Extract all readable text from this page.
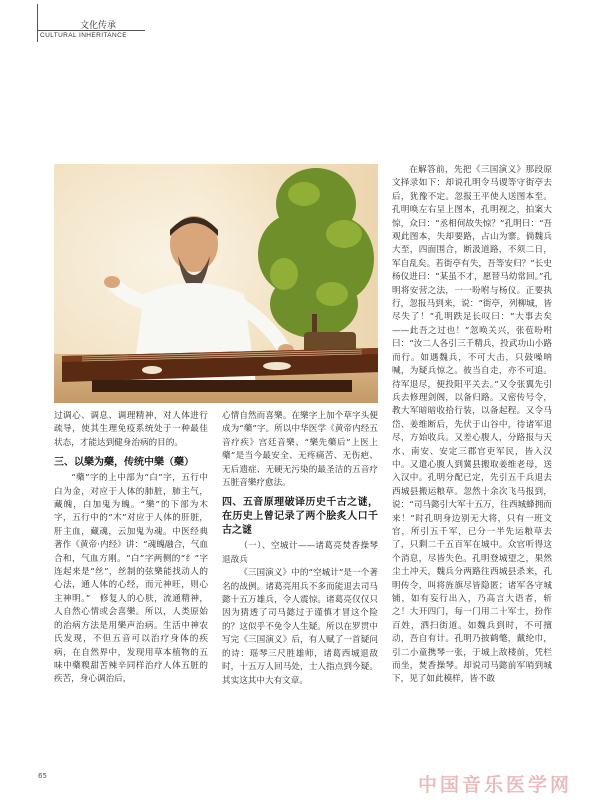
文化传承
CULTURAL INHERITANCE

过调心、调息、调理精神，对人体进行疏导，使其生理免疫系统处于一种最佳状态，才能达到健身治病的目的。

三、以樂为藥，传统中樂（藥）

“藥”字的上中部为“白”字，五行中白为金，对应于人体的肺脏，肺主气，藏魄，白加鬼为魄。“樂”的下部为木字，五行中的“木”对应于人体的肝脏，肝主血，藏魂，云加鬼为魂。中医经典著作《黄帝·内经》讲：“魂魄融合，气血合和，气血方刚。“白”字两侧的“纟”字连起来是“丝”，丝制的弦樂能找动人的心法，通人体的心经，而元神旺，则心主神明。”　修复人的心肤，流通精神，人自然心情或会喜樂。所以，人类原始的治病方法是用樂声治病。生活中神农氏发现，不但五音可以治疗身体的疾病，在自然界中，发现用草本植物的五味中藥糗甜苦辣辛同样治疗人体五脏的疾苦，身心调治后，

心情自然而喜樂。在樂字上加个草字头便成为“藥”字。所以中华医学《黄帝内经五音疗疾》宫廷音樂、“樂先藥后”上医上藥”是当今最安全、无疼痛苦、无伤疤、无后遗症、无硬无污染的最圣洁的五音疗五脏音樂疗愈法。

四、五音原理破译历史千古之谜，在历史上曾记录了两个脍炙人口千古之谜

（一）、空城计——诸葛亮焚香操琴退敌兵

《三国演义》中的“空城计”是一个著名的战例。诸葛亮用兵不多而能退去司马懿十五万雄兵，令人震惊。诸葛亮仅仅只因为猜透了司马懿过于谨慎才冒这个险的？这似乎不免令人生疑。所以在罗贯中写完《三国演义》后，有人赋了一首疑问的诗：瑶琴三尺胜雄师，诸葛西城退敌时，十五万人回马处，士人指点到今疑。其实这其中大有文章。

在解答前，先把《三国演义》那段原文择录如下：却说孔明令马谡等守街亭去后，犹豫不定。忽报王平使人送图本至。孔明唤左右呈上图本，孔明视之，拍案大惊，众曰：“丞相何故失惊？”孔明曰：“吾观此图本，失却要路，占山为寨。倘魏兵大至，四面围合，断汲道路，不须二日，军自乱矣。若街亭有失，吾等安归？”长史杨仪进曰：“某虽不才，愿替马幼常回。”孔明将安营之法，一一吩咐与杨仪。正要执行，忽报马到来，说：“街亭，列柳城，皆尽失了！”孔明跌足长叹曰：“大事去矣——此吾之过也！”忽唤关兴，张苞吩咐曰：“汝二人各引三千精兵，投武功山小路而行。如遇魏兵，不可大击，只鼓噪呐喊，为疑兵惊之。彼当自走，亦不可追。待军退尽，便投阳平关去。”又令张翼先引兵去修理剑阁，以备归路。又密传号令，教大军暗暗收拾行装，以备起程。又令马岱、姜维断后，先伏于山谷中，待诸军退尽，方始收兵。又差心腹人，分路报与天水、南安、安定三郡官吏军民，皆入汉中。又遣心腹人到冀县搬取姜维老母，送入汉中。孔明分配已定，先引五千兵退去西城县搬运粮草。忽然十余次飞马报到，说：“司马懿引大军十五万，往西城蜂拥而来！”时孔明身边别无大将，只有一班文官，所引五千军，已分一半先运粮草去了，只剩二千五百军在城中。众官听得这个消息，尽皆失色。孔明登城望之，果然尘土冲天，魏兵分两路往西城县杀来，孔明传令，叫将旌旗尽皆隐匿；诸军各守城铺，如有妄行出入，乃高言大语者，斩之！大开四门，每一门用二十军士，扮作百姓，洒扫街道。如魏兵到时，不可擅动，吾自有计。孔明乃披鹤氅，戴纶巾，引二小童携琴一张，于城上敌楼前，凭栏而坐，焚香操琴。却说司马懿前军哨到城下，见了如此模样，皆不敢

65	中国音乐医学网
